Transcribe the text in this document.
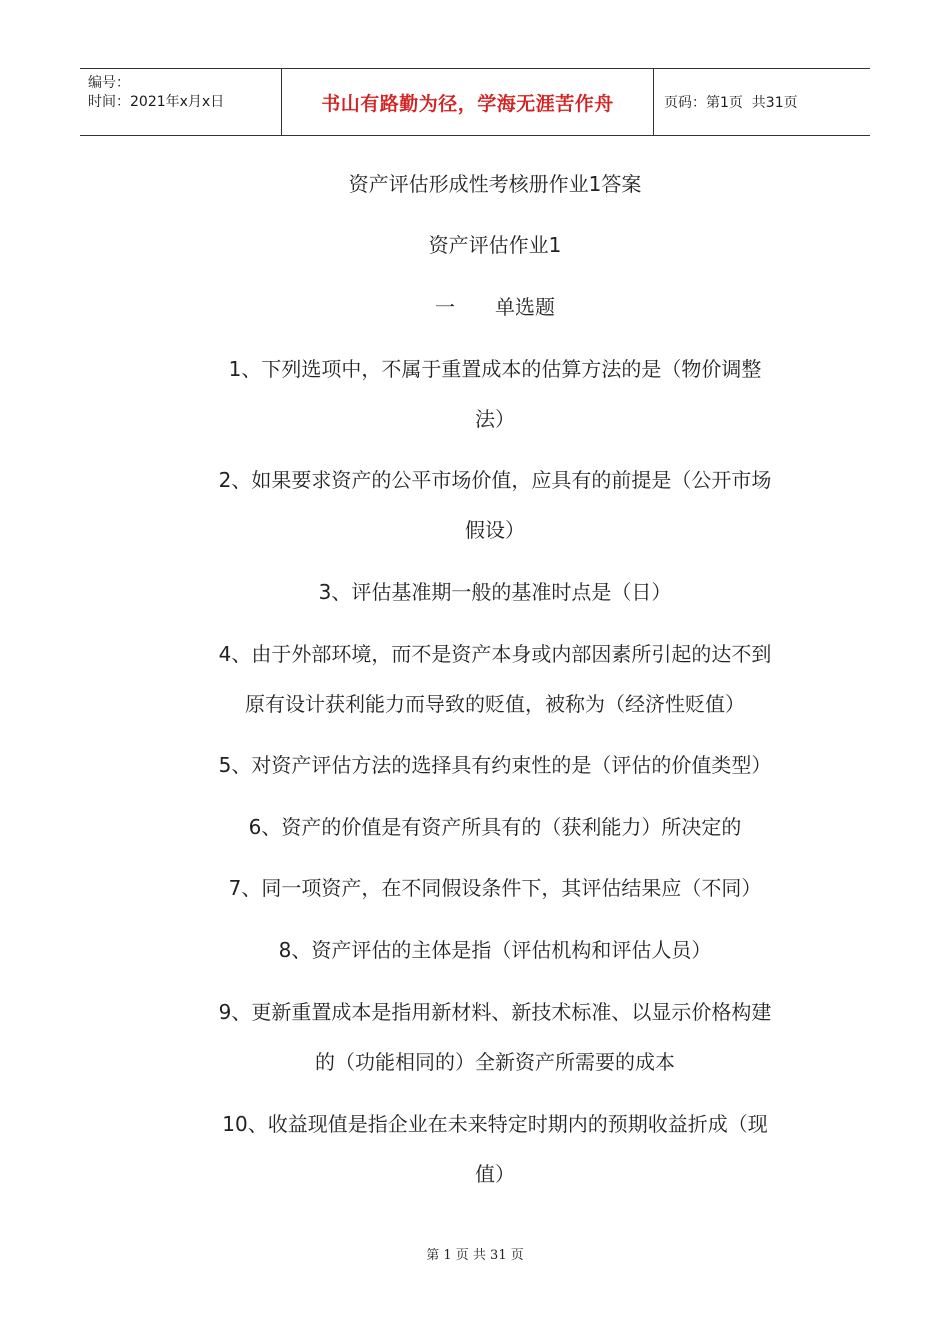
编号：
时间：2021年x月x日	书山有路勤为径，学海无涯苦作舟	页码：第1页  共31页
资产评估形成性考核册作业1答案
资产评估作业1
一　　单选题
1、下列选项中，不属于重置成本的估算方法的是（物价调整
法）
2、如果要求资产的公平市场价值，应具有的前提是（公开市场
假设）
3、评估基准期一般的基准时点是（日）
4、由于外部环境，而不是资产本身或内部因素所引起的达不到
原有设计获利能力而导致的贬值，被称为（经济性贬值）
5、对资产评估方法的选择具有约束性的是（评估的价值类型）
6、资产的价值是有资产所具有的（获利能力）所决定的
7、同一项资产，在不同假设条件下，其评估结果应（不同）
8、资产评估的主体是指（评估机构和评估人员）
9、更新重置成本是指用新材料、新技术标准、以显示价格构建
的（功能相同的）全新资产所需要的成本
10、收益现值是指企业在未来特定时期内的预期收益折成（现
值）
第 1 页 共 31 页
